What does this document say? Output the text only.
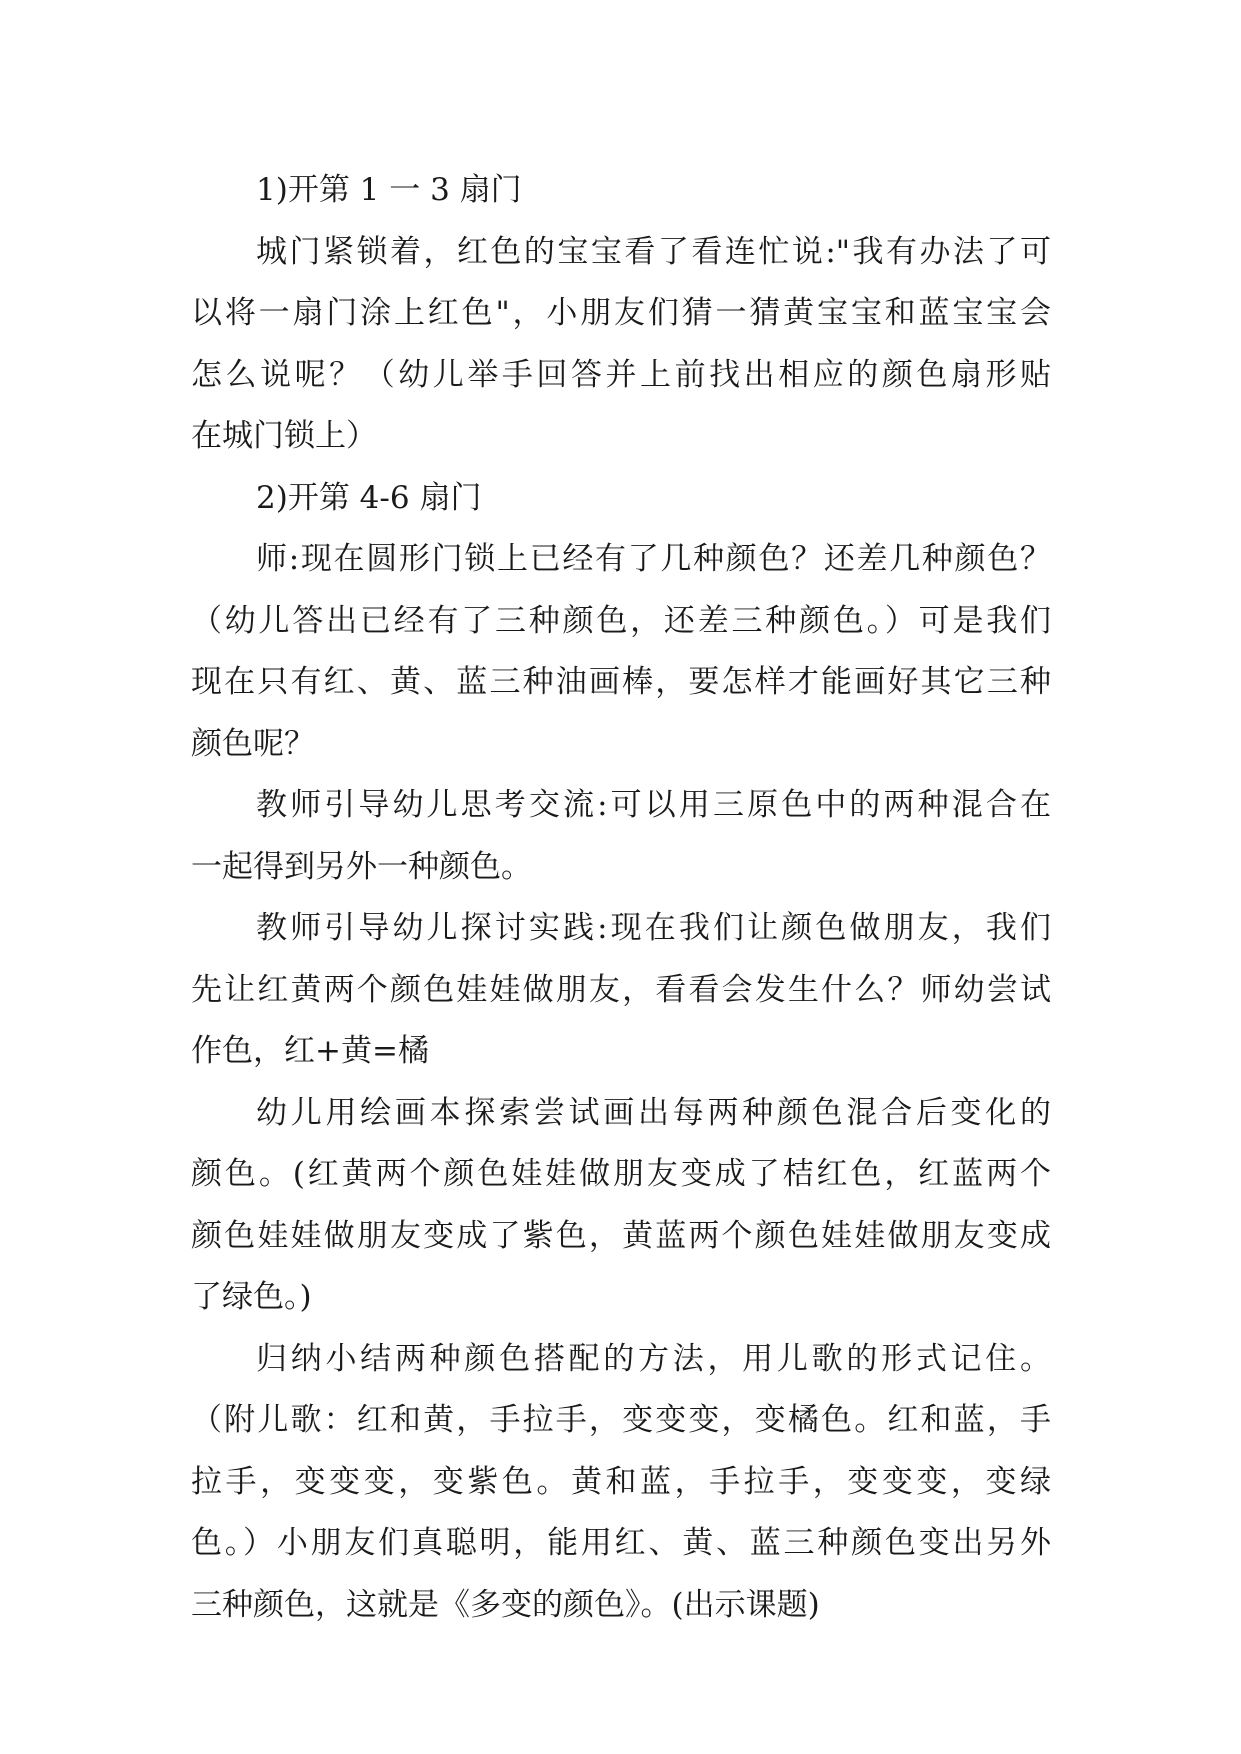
1)开第 1 一 3 扇门
城门紧锁着，红色的宝宝看了看连忙说:"我有办法了可
以将一扇门涂上红色"，小朋友们猜一猜黄宝宝和蓝宝宝会
怎么说呢？（幼儿举手回答并上前找出相应的颜色扇形贴
在城门锁上）
2)开第 4-6 扇门
师:现在圆形门锁上已经有了几种颜色？还差几种颜色？
（幼儿答出已经有了三种颜色，还差三种颜色。）可是我们
现在只有红、黄、蓝三种油画棒，要怎样才能画好其它三种
颜色呢？
教师引导幼儿思考交流:可以用三原色中的两种混合在
一起得到另外一种颜色。
教师引导幼儿探讨实践:现在我们让颜色做朋友，我们
先让红黄两个颜色娃娃做朋友，看看会发生什么？师幼尝试
作色，红+黄=橘
幼儿用绘画本探索尝试画出每两种颜色混合后变化的
颜色。(红黄两个颜色娃娃做朋友变成了桔红色，红蓝两个
颜色娃娃做朋友变成了紫色，黄蓝两个颜色娃娃做朋友变成
了绿色。)
归纳小结两种颜色搭配的方法，用儿歌的形式记住。
（附儿歌：红和黄，手拉手，变变变，变橘色。红和蓝，手
拉手，变变变，变紫色。黄和蓝，手拉手，变变变，变绿
色。）小朋友们真聪明，能用红、黄、蓝三种颜色变出另外
三种颜色，这就是《多变的颜色》。(出示课题)
